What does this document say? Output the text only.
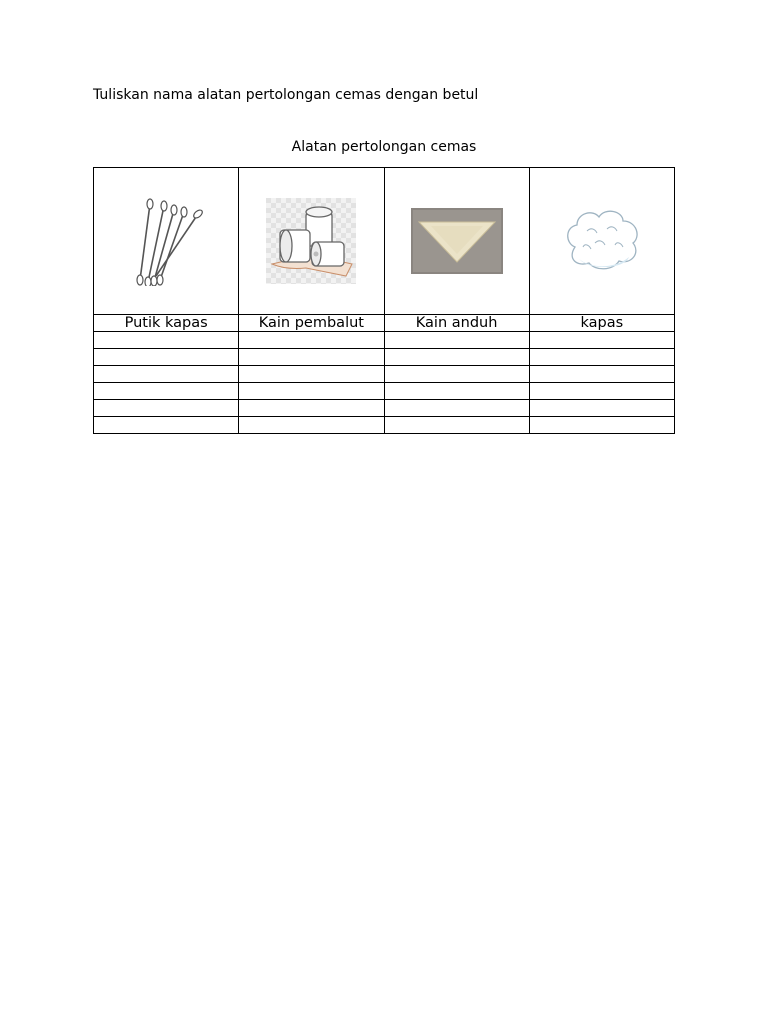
Tuliskan nama alatan pertolongan cemas dengan betul
Alatan pertolongan cemas

Putik kapas	Kain pembalut	Kain anduh	kapas
